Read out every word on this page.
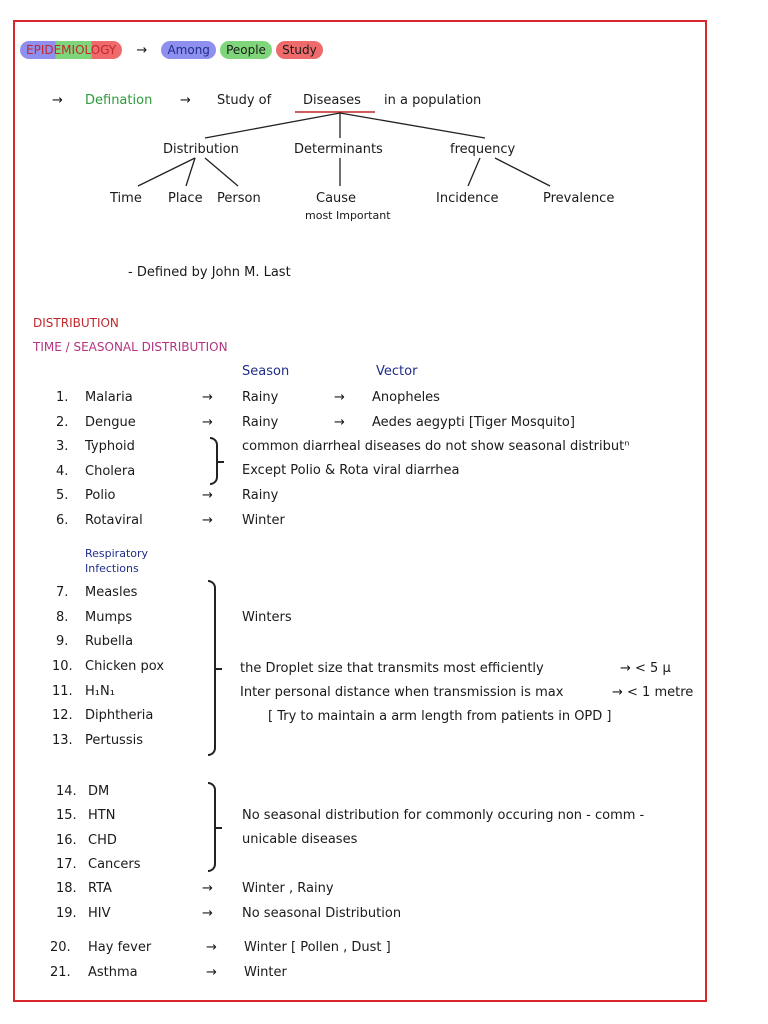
EPIDEMIOLOGY → Among People Study
→ Defination → Study of Diseases in a population
Distribution	Determinants	frequency
Time Place Person	Cause
most Important
Incidence	Prevalence
- Defined by John M. Last
DISTRIBUTION
TIME / SEASONAL DISTRIBUTION
Season	Vector
1. Malaria	→ Rainy	→ Anopheles
2. Dengue	→ Rainy	→ Aedes aegypti [Tiger Mosquito]
3. Typhoid
4. Cholera
common diarrheal diseases do not show seasonal distributⁿ
Except Polio & Rota viral diarrhea
5. Polio	→ Rainy
6. Rotaviral	→ Winter
Respiratory
Infections
7. Measles
8. Mumps
9. Rubella
10. Chicken pox
11. H₁N₁
12. Diphtheria
13. Pertussis
Winters
the Droplet size that transmits most efficiently	→ < 5 μ
Inter personal distance when transmission is max	→ < 1 metre
[ Try to maintain a arm length from patients in OPD ]
14. DM
15. HTN
16. CHD
17. Cancers
No seasonal distribution for commonly occuring non - comm -
unicable diseases
18. RTA	→ Winter , Rainy
19. HIV	→ No seasonal Distribution
20. Hay fever	→ Winter [ Pollen , Dust ]
21. Asthma	→ Winter
